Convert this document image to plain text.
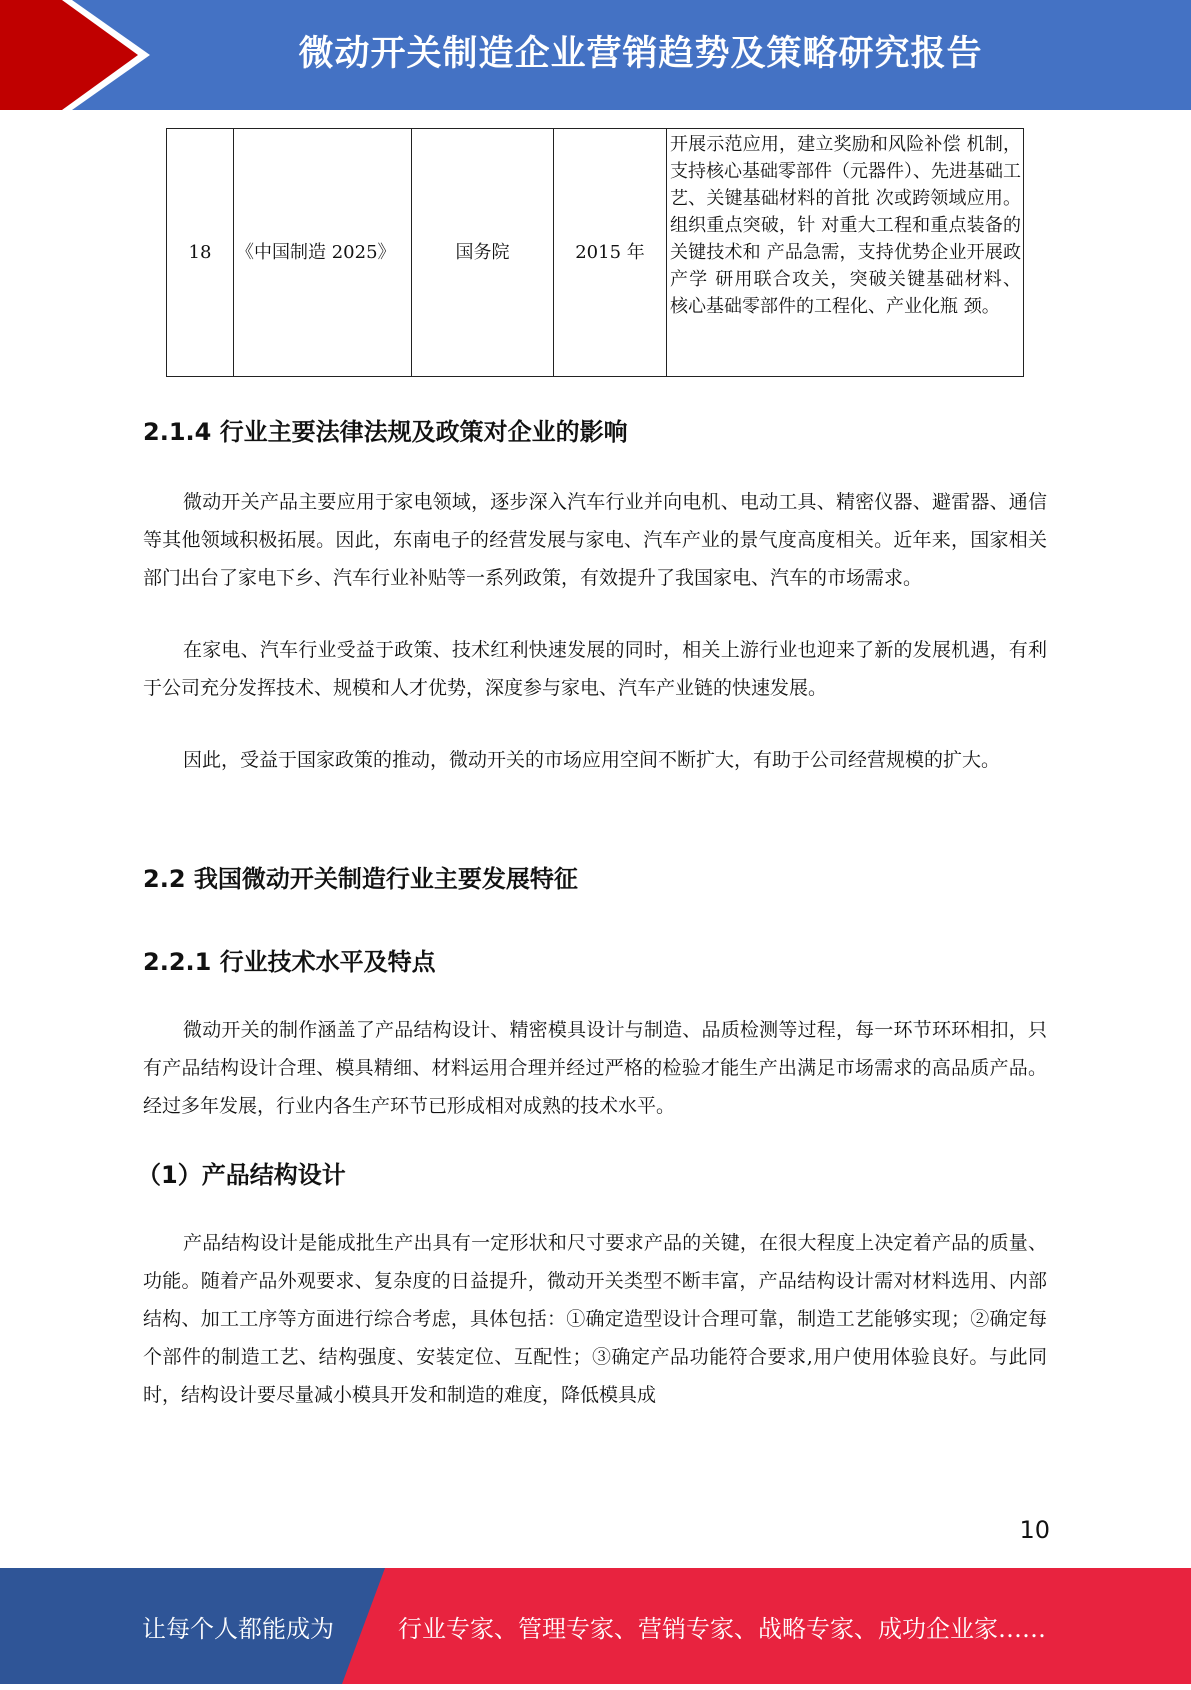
微动开关制造企业营销趋势及策略研究报告
18	《中国制造 2025》	国务院	2015 年	开展示范应用，建立奖励和风险补偿 机制，支持核心基础零部件（元器件）、先进基础工艺、关键基础材料的首批 次或跨领域应用。组织重点突破，针 对重大工程和重点装备的关键技术和 产品急需，支持优势企业开展政产学 研用联合攻关，突破关键基础材料、 核心基础零部件的工程化、产业化瓶 颈。
2.1.4 行业主要法律法规及政策对企业的影响

微动开关产品主要应用于家电领域，逐步深入汽车行业并向电机、电动工具、精密仪器、避雷器、通信等其他领域积极拓展。因此，东南电子的经营发展与家电、汽车产业的景气度高度相关。近年来，国家相关部门出台了家电下乡、汽车行业补贴等一系列政策，有效提升了我国家电、汽车的市场需求。

在家电、汽车行业受益于政策、技术红利快速发展的同时，相关上游行业也迎来了新的发展机遇，有利于公司充分发挥技术、规模和人才优势，深度参与家电、汽车产业链的快速发展。

因此，受益于国家政策的推动，微动开关的市场应用空间不断扩大，有助于公司经营规模的扩大。

2.2 我国微动开关制造行业主要发展特征
2.2.1 行业技术水平及特点

微动开关的制作涵盖了产品结构设计、精密模具设计与制造、品质检测等过程，每一环节环环相扣，只有产品结构设计合理、模具精细、材料运用合理并经过严格的检验才能生产出满足市场需求的高品质产品。经过多年发展，行业内各生产环节已形成相对成熟的技术水平。

（1）产品结构设计

产品结构设计是能成批生产出具有一定形状和尺寸要求产品的关键，在很大程度上决定着产品的质量、功能。随着产品外观要求、复杂度的日益提升，微动开关类型不断丰富，产品结构设计需对材料选用、内部结构、加工工序等方面进行综合考虑，具体包括：①确定造型设计合理可靠，制造工艺能够实现；②确定每个部件的制造工艺、结构强度、安装定位、互配性；③确定产品功能符合要求,用户使用体验良好。与此同时，结构设计要尽量减小模具开发和制造的难度，降低模具成

10
让每个人都能成为	行业专家、管理专家、营销专家、战略专家、成功企业家……
